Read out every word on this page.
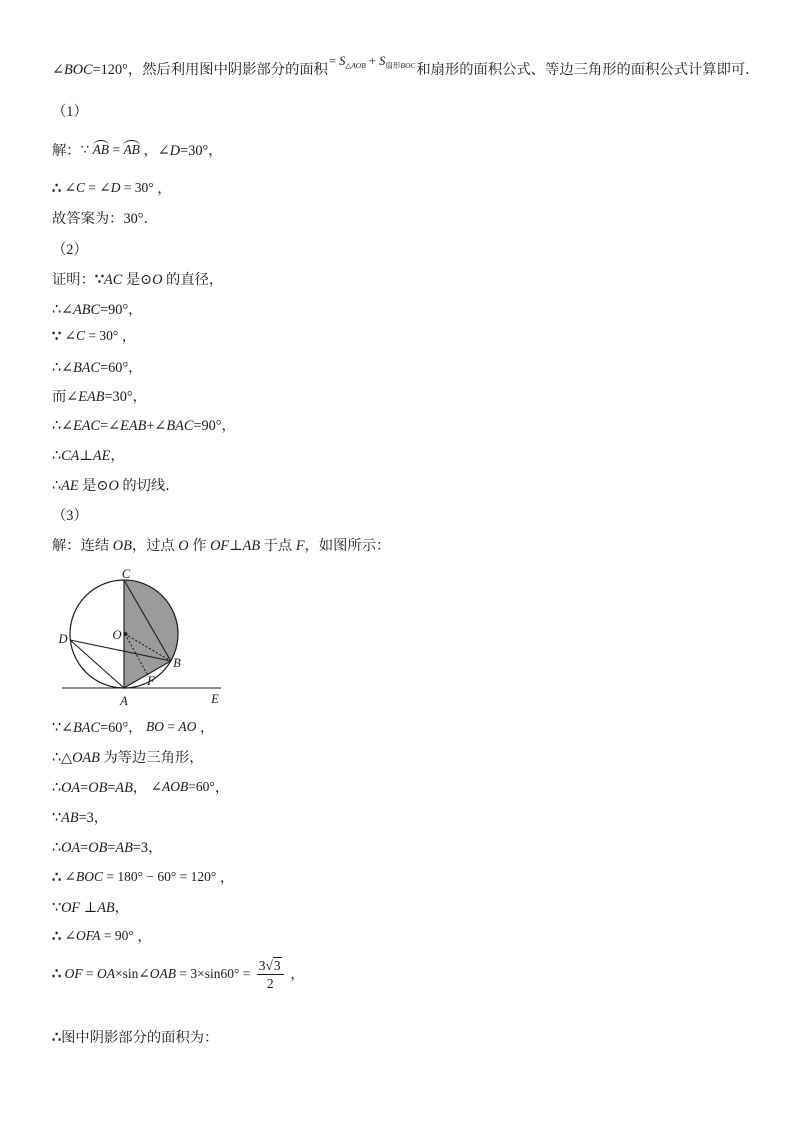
∠BOC=120°，然后利用图中阴影部分的面积= $S_{\triangle AOB} + S_{扇形BOC}$和扇形的面积公式、等边三角形的面积公式计算即可．
（1）
解：∵ AB = AB ，∠D=30°，
∴ ∠C = ∠D = 30° ，
故答案为：30°．
（2）
证明：∵AC 是⊙O 的直径，
∴∠ABC=90°，
∵ ∠C = 30° ，
∴∠BAC=60°，
而∠EAB=30°，
∴∠EAC=∠EAB+∠BAC=90°，
∴CA⊥AE，
∴AE 是⊙O 的切线．
（3）
解：连结 OB，过点 O 作 OF⊥AB 于点 F，如图所示：
∵∠BAC=60°， BO = AO ，
∴△OAB 为等边三角形，
∴OA=OB=AB， ∠AOB=60°，
∵AB=3，
∴OA=OB=AB=3，
∴ ∠BOC = 180° − 60° = 120° ，
∵OF ⊥AB，
∴ ∠OFA = 90° ，
∴ OF = OA×sin∠OAB = $3\times\sin 60^\circ = \frac{3√3}{2}$ ，
∴图中阴影部分的面积为：
C
O
D
B
F
A	E
